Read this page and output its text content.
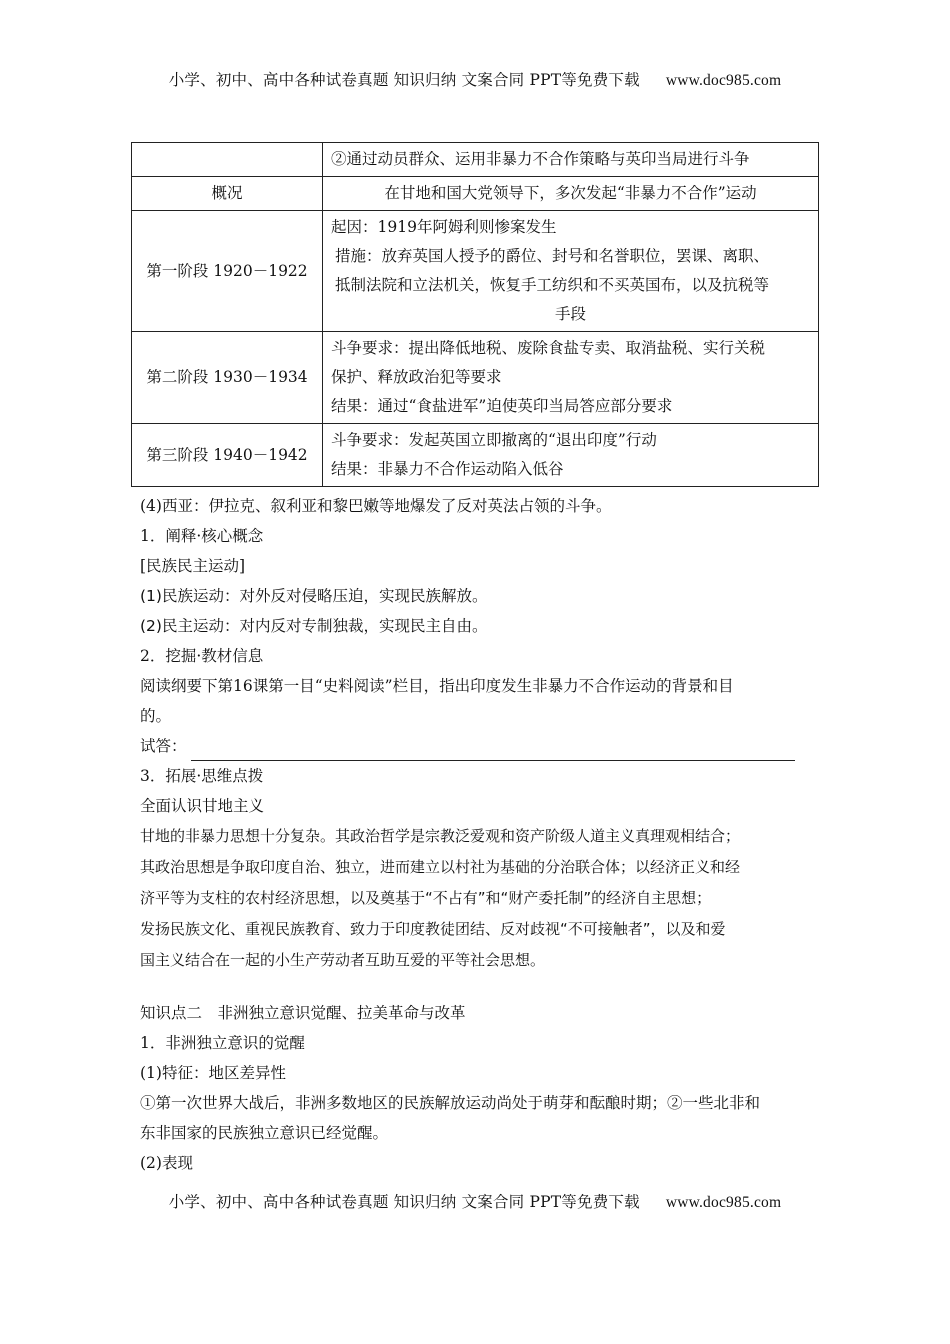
小学、初中、高中各种试卷真题 知识归纳 文案合同 PPT等免费下载 www.doc985.com

	②通过动员群众、运用非暴力不合作策略与英印当局进行斗争

概况	在甘地和国大党领导下，多次发起“非暴力不合作”运动

第一阶段 1920－1922	起因：1919年阿姆利则惨案发生
措施：放弃英国人授予的爵位、封号和名誉职位，罢课、离职、
抵制法院和立法机关，恢复手工纺织和不买英国布，以及抗税等
手段

第二阶段 1930－1934	斗争要求：提出降低地税、废除食盐专卖、取消盐税、实行关税
保护、释放政治犯等要求
结果：通过“食盐进军”迫使英印当局答应部分要求

第三阶段 1940－1942	斗争要求：发起英国立即撤离的“退出印度”行动
结果：非暴力不合作运动陷入低谷

(4)西亚：伊拉克、叙利亚和黎巴嫩等地爆发了反对英法占领的斗争。

1．阐释·核心概念

[民族民主运动]

(1)民族运动：对外反对侵略压迫，实现民族解放。

(2)民主运动：对内反对专制独裁，实现民主自由。

2．挖掘·教材信息

阅读纲要下第16课第一目“史料阅读”栏目，指出印度发生非暴力不合作运动的背景和目

的。

试答：

3．拓展·思维点拨

全面认识甘地主义

甘地的非暴力思想十分复杂。其政治哲学是宗教泛爱观和资产阶级人道主义真理观相结合；

其政治思想是争取印度自治、独立，进而建立以村社为基础的分治联合体；以经济正义和经

济平等为支柱的农村经济思想，以及奠基于“不占有”和“财产委托制”的经济自主思想；

发扬民族文化、重视民族教育、致力于印度教徒团结、反对歧视“不可接触者”，以及和爱

国主义结合在一起的小生产劳动者互助互爱的平等社会思想。

知识点二　非洲独立意识觉醒、拉美革命与改革

1．非洲独立意识的觉醒

(1)特征：地区差异性

①第一次世界大战后，非洲多数地区的民族解放运动尚处于萌芽和酝酿时期；②一些北非和

东非国家的民族独立意识已经觉醒。

(2)表现

小学、初中、高中各种试卷真题 知识归纳 文案合同 PPT等免费下载 www.doc985.com
